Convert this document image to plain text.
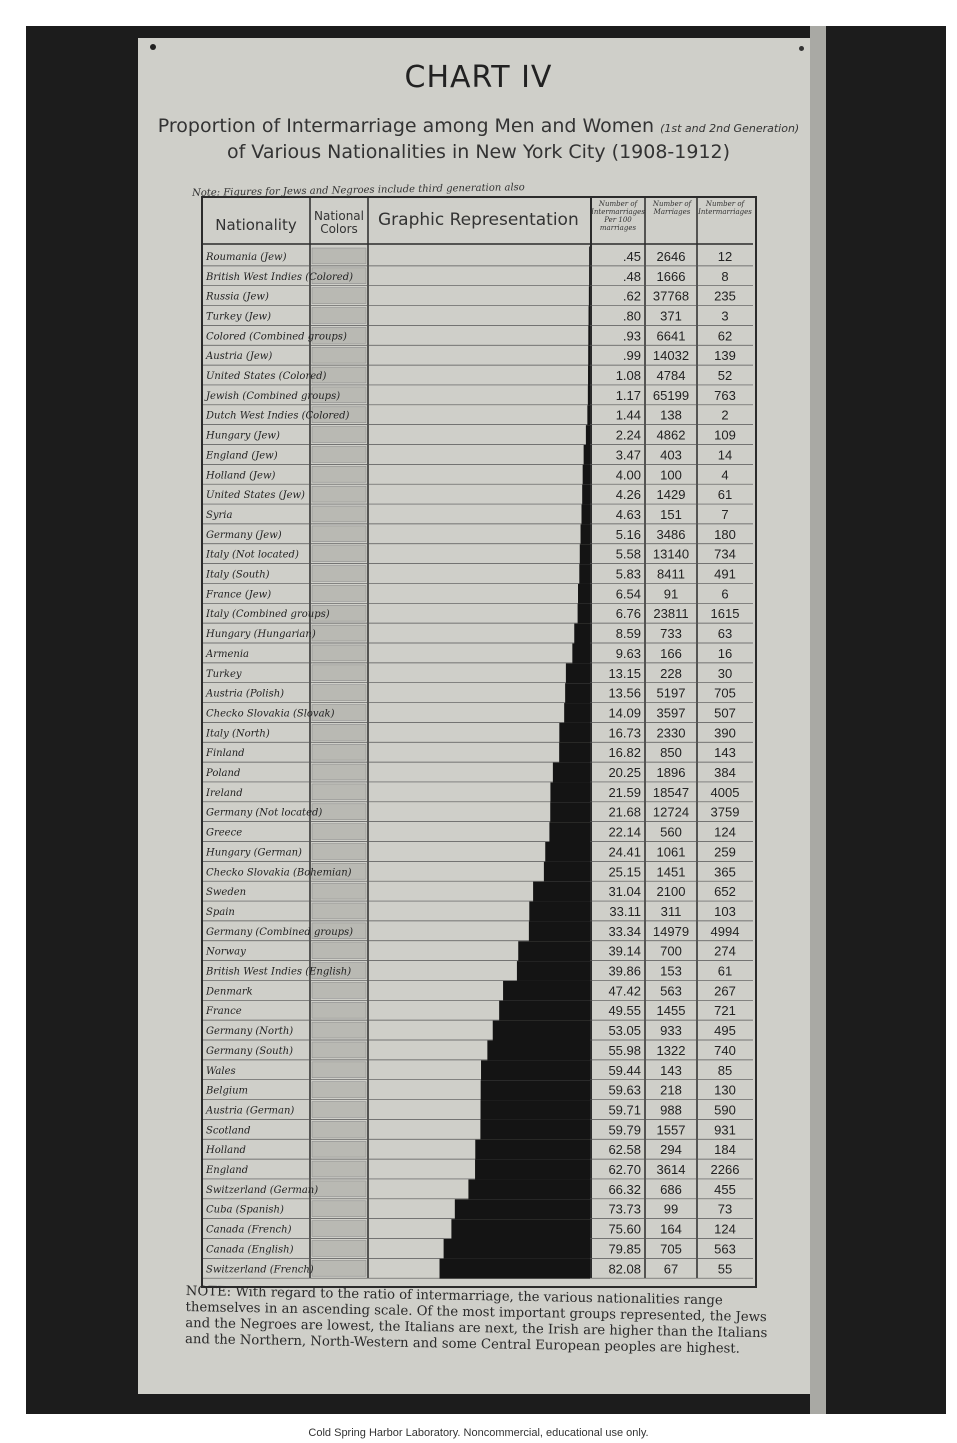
CHART IV
Proportion of Intermarriage among Men and Women (1st and 2nd Generation)
of Various Nationalities in New York City (1908-1912)
Note: Figures for Jews and Negroes include third generation also
Roumania (Jew)	.45 2646 12
British West Indies (Colored)	.48 1666	8
Russia (Jew)	.62 37768 235
Turkey (Jew)	.80 371	3
Colored (Combined groups)	.93 6641 62
Austria (Jew)	.99 14032 139
United States (Colored)	1.08 4784 52
Jewish (Combined groups)	1.17 65199 763
Dutch West Indies (Colored)	1.44 138	2
Hungary (Jew)	2.24 4862 109
England (Jew)	3.47 403	14
Holland (Jew)	4.00 100	4
United States (Jew)	4.26 1429 61
Syria	4.63 151	7
Germany (Jew)	5.16 3486 180
Italy (Not located)	5.58 13140 734
Italy (South)	5.83 8411 491
France (Jew)	6.54 91	6
Italy (Combined groups)	6.76 23811 1615
Hungary (Hungarian)	8.59 733	63
Armenia	9.63 166	16
Turkey	13.15 228	30
Austria (Polish)	13.56 5197 705
Checko Slovakia (Slovak)	14.09 3597 507
Italy (North)	16.73 2330 390
Finland	16.82 850 143
Poland	20.25 1896 384
Ireland	21.59 18547 4005
Germany (Not located)	21.68 12724 3759
Greece	22.14 560 124
Hungary (German)	24.41 1061 259
Checko Slovakia (Bohemian)	25.15 1451 365
Sweden	31.04 2100 652
Spain	33.11 311	103
Germany (Combined groups)	33.34 14979 4994
Norway	39.14 700 274
British West Indies (English)	39.86 153	61
Denmark	47.42 563 267
France	49.55 1455 721
Germany (North)	53.05 933 495
Germany (South)	55.98 1322 740
Wales	59.44 143	85
Belgium	59.63 218 130
Austria (German)	59.71 988 590
Scotland	59.79 1557 931
Holland	62.58 294 184
England	62.70 3614 2266
Switzerland (German)	66.32 686 455
Cuba (Spanish)	73.73 99	73
Canada (French)	75.60 164 124
Canada (English)	79.85 705 563
Switzerland (French)	82.08 67	55
Nationality	National Colors	Graphic Representation
Number of Intermarriages Per 100 marriages
Number of Marriages
Number of Intermarriages
NOTE: With regard to the ratio of intermarriage, the various nationalities range themselves in an ascending scale. Of the most important groups represented, the Jews and the Negroes are lowest, the Italians are next, the Irish are higher than the Italians and the Northern, North-Western and some Central European peoples are highest.
Cold Spring Harbor Laboratory. Noncommercial, educational use only.
